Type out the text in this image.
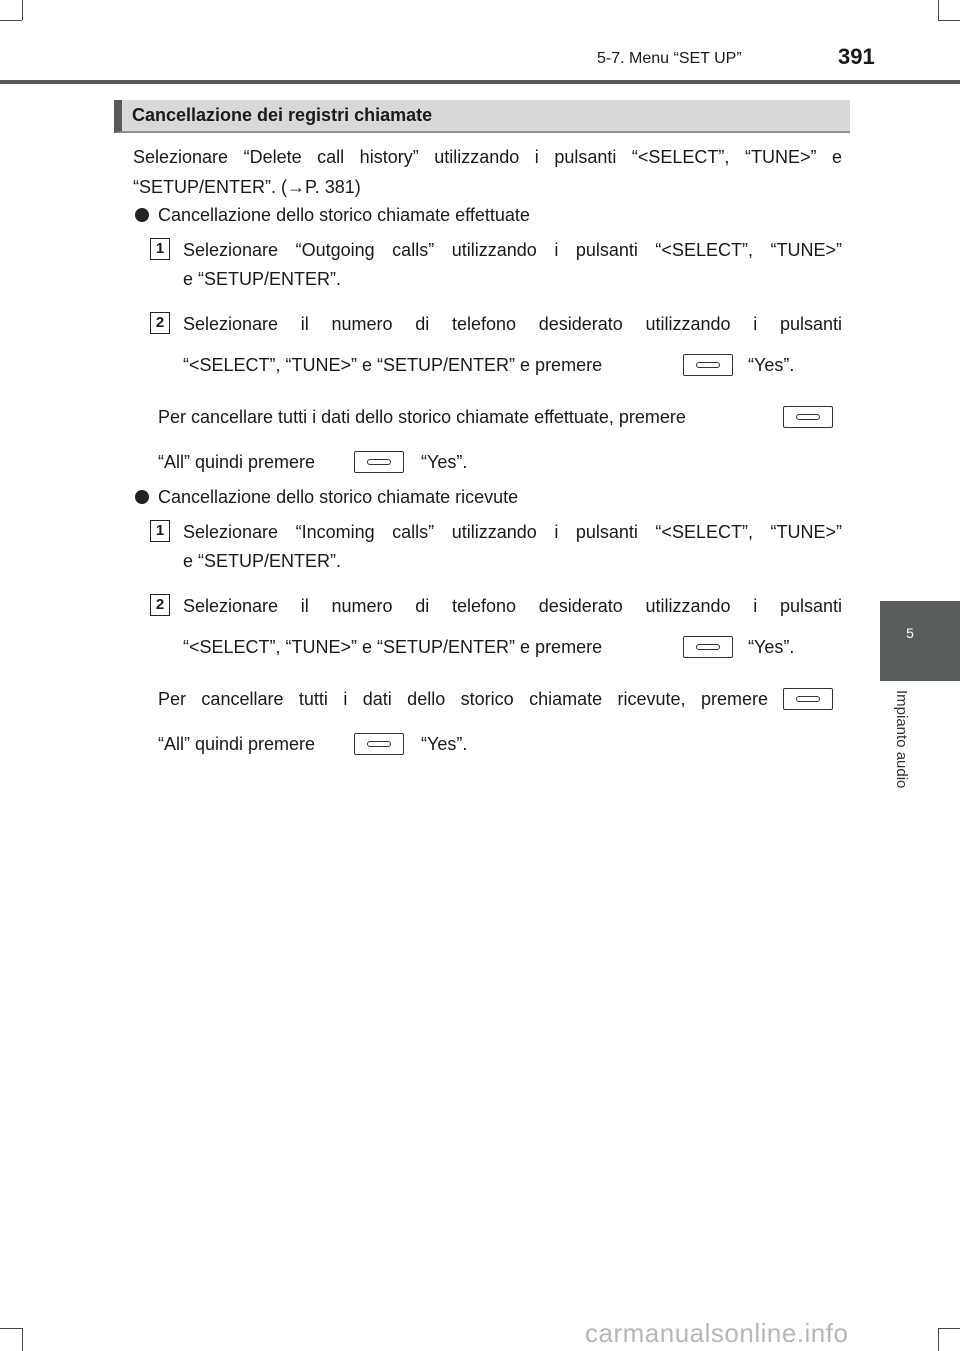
5-7. Menu “SET UP”	391
5
Impianto audio
Cancellazione dei registri chiamate
Selezionare “Delete call history” utilizzando i pulsanti “<SELECT”, “TUNE>” e
“SETUP/ENTER”. (→P. 381)
Cancellazione dello storico chiamate effettuate
1	Selezionare “Outgoing calls” utilizzando i pulsanti “<SELECT”, “TUNE>”
e “SETUP/ENTER”.
2	Selezionare il numero di telefono desiderato utilizzando i pulsanti
“<SELECT”, “TUNE>” e “SETUP/ENTER” e premere	“Yes”.
Per cancellare tutti i dati dello storico chiamate effettuate, premere
“All” quindi premere	“Yes”.
Cancellazione dello storico chiamate ricevute
1	Selezionare “Incoming calls” utilizzando i pulsanti “<SELECT”, “TUNE>”
e “SETUP/ENTER”.
2	Selezionare il numero di telefono desiderato utilizzando i pulsanti
“<SELECT”, “TUNE>” e “SETUP/ENTER” e premere	“Yes”.
Per cancellare tutti i dati dello storico chiamate ricevute, premere
“All” quindi premere	“Yes”.
carmanualsonline.info
